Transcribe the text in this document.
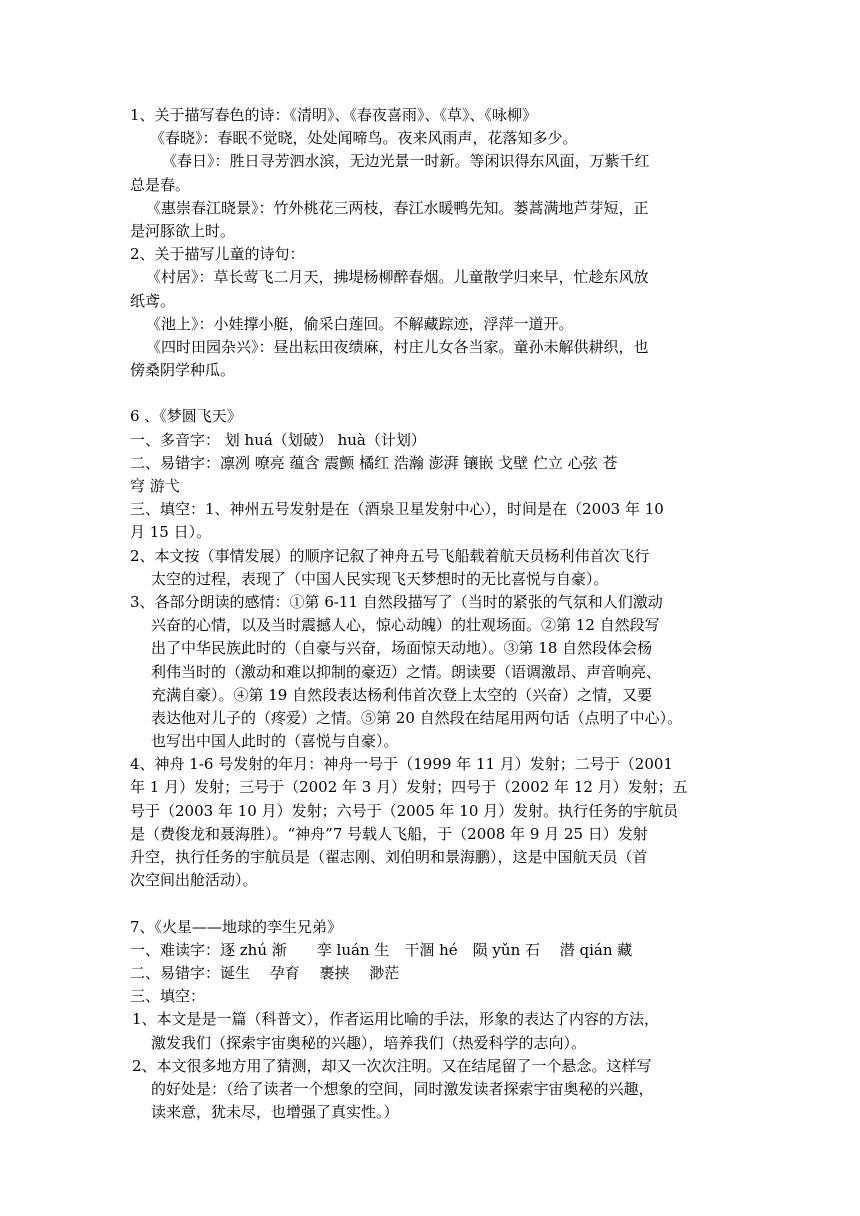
1、关于描写春色的诗：《清明》、《春夜喜雨》、《草》、《咏柳》
《春晓》：春眠不觉晓，处处闻啼鸟。夜来风雨声，花落知多少。
《春日》：胜日寻芳泗水滨，无边光景一时新。等闲识得东风面，万紫千红
总是春。
《惠崇春江晓景》：竹外桃花三两枝，春江水暖鸭先知。蒌蒿满地芦芽短，正
是河豚欲上时。
2、关于描写儿童的诗句：
《村居》：草长莺飞二月天，拂堤杨柳醉春烟。儿童散学归来早，忙趁东风放
纸鸢。
《池上》：小娃撑小艇，偷采白莲回。不解藏踪迹，浮萍一道开。
《四时田园杂兴》：昼出耘田夜绩麻，村庄儿女各当家。童孙未解供耕织，也
傍桑阴学种瓜。
6 、《梦圆飞天》
一、多音字： 划 huá（划破） huà（计划）
二、易错字：凛冽 嘹亮 蕴含 震颤 橘红 浩瀚 澎湃 镶嵌 戈壁 伫立 心弦 苍
穹 游弋
三、填空：1、神州五号发射是在（酒泉卫星发射中心），时间是在（2003 年 10
月 15 日）。
2、本文按（事情发展）的顺序记叙了神舟五号飞船载着航天员杨利伟首次飞行
太空的过程，表现了（中国人民实现飞天梦想时的无比喜悦与自豪）。
3、各部分朗读的感情：①第 6-11 自然段描写了（当时的紧张的气氛和人们激动
兴奋的心情，以及当时震撼人心，惊心动魄）的壮观场面。②第 12 自然段写
出了中华民族此时的（自豪与兴奋，场面惊天动地）。③第 18 自然段体会杨
利伟当时的（激动和难以抑制的豪迈）之情。朗读要（语调激昂、声音响亮、
充满自豪）。④第 19 自然段表达杨利伟首次登上太空的（兴奋）之情，又要
表达他对儿子的（疼爱）之情。⑤第 20 自然段在结尾用两句话（点明了中心）。
也写出中国人此时的（喜悦与自豪）。
4、神舟 1-6 号发射的年月：神舟一号于（1999 年 11 月）发射；二号于（2001
年 1 月）发射；三号于（2002 年 3 月）发射；四号于（2002 年 12 月）发射；五
号于（2003 年 10 月）发射；六号于（2005 年 10 月）发射。执行任务的宇航员
是（费俊龙和聂海胜）。“神舟”7 号载人飞船，于（2008 年 9 月 25 日）发射
升空，执行任务的宇航员是（翟志刚、刘伯明和景海鹏），这是中国航天员（首
次空间出舱活动）。
7、《火星——地球的孪生兄弟》
一、难读字：逐 zhú 渐　　孪 luán 生　干涸 hé　陨 yǔn 石　 潜 qián 藏
二、易错字：诞生　 孕育　 裹挟　 渺茫
三、填空：
1、本文是是一篇（科普文），作者运用比喻的手法，形象的表达了内容的方法，
激发我们（探索宇宙奥秘的兴趣），培养我们（热爱科学的志向）。
2、本文很多地方用了猜测，却又一次次注明。又在结尾留了一个悬念。这样写
的好处是：（给了读者一个想象的空间，同时激发读者探索宇宙奥秘的兴趣，
读来意，犹未尽，也增强了真实性。）
